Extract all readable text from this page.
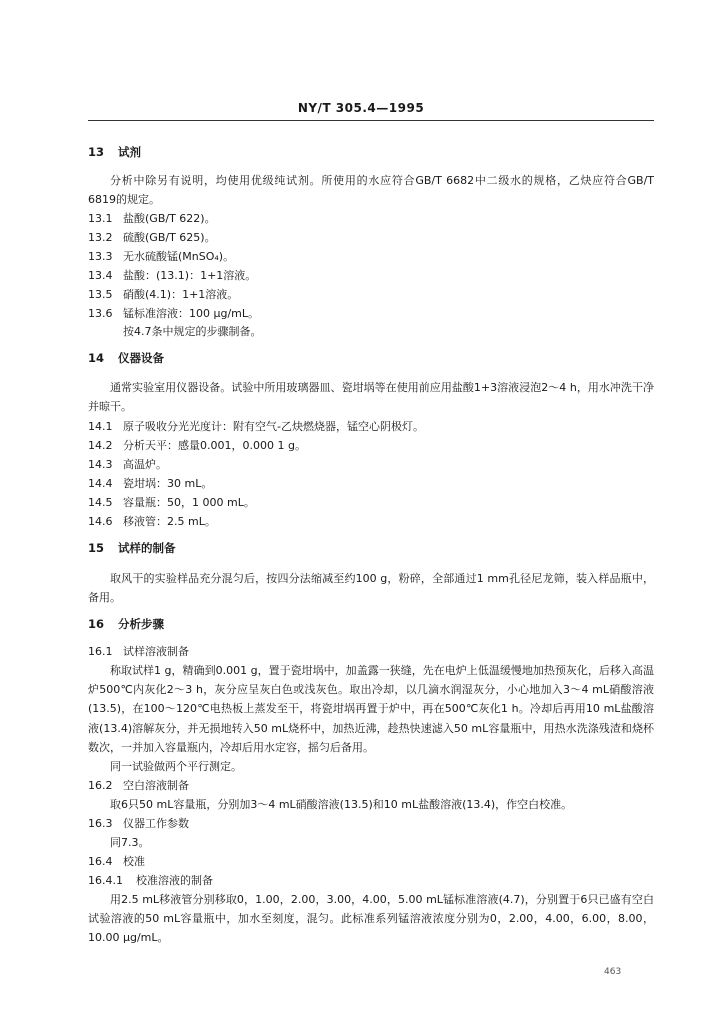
NY/T 305.4—1995
13 试剂
分析中除另有说明，均使用优级纯试剂。所使用的水应符合GB/T 6682中二级水的规格，乙炔应符合GB/T 6819的规定。
13.1 盐酸(GB/T 622)。
13.2 硫酸(GB/T 625)。
13.3 无水硫酸锰(MnSO₄)。
13.4 盐酸：(13.1)：1+1溶液。
13.5 硝酸(4.1)：1+1溶液。
13.6 锰标准溶液：100 μg/mL。
按4.7条中规定的步骤制备。
14 仪器设备
通常实验室用仪器设备。试验中所用玻璃器皿、瓷坩埚等在使用前应用盐酸1+3溶液浸泡2～4 h，用水冲洗干净并晾干。
14.1 原子吸收分光光度计：附有空气-乙炔燃烧器，锰空心阴极灯。
14.2 分析天平：感量0.001，0.000 1 g。
14.3 高温炉。
14.4 瓷坩埚：30 mL。
14.5 容量瓶：50，1 000 mL。
14.6 移液管：2.5 mL。
15 试样的制备
取风干的实验样品充分混匀后，按四分法缩减至约100 g，粉碎，全部通过1 mm孔径尼龙筛，装入样品瓶中，备用。
16 分析步骤
16.1 试样溶液制备
称取试样1 g，精确到0.001 g，置于瓷坩埚中，加盖露一狭缝，先在电炉上低温缓慢地加热预灰化，后移入高温炉500℃内灰化2～3 h，灰分应呈灰白色或浅灰色。取出冷却，以几滴水润湿灰分，小心地加入3～4 mL硝酸溶液(13.5)，在100～120℃电热板上蒸发至干，将瓷坩埚再置于炉中，再在500℃灰化1 h。冷却后再用10 mL盐酸溶液(13.4)溶解灰分，并无损地转入50 mL烧杯中，加热近沸，趁热快速滤入50 mL容量瓶中，用热水洗涤残渣和烧杯数次，一并加入容量瓶内，冷却后用水定容，摇匀后备用。
同一试验做两个平行测定。
16.2 空白溶液制备
取6只50 mL容量瓶，分别加3～4 mL硝酸溶液(13.5)和10 mL盐酸溶液(13.4)，作空白校准。
16.3 仪器工作参数
同7.3。
16.4 校准
16.4.1 校准溶液的制备
用2.5 mL移液管分别移取0，1.00，2.00，3.00，4.00，5.00 mL锰标准溶液(4.7)，分别置于6只已盛有空白试验溶液的50 mL容量瓶中，加水至刻度，混匀。此标准系列锰溶液浓度分别为0，2.00，4.00，6.00，8.00，10.00 μg/mL。
463
